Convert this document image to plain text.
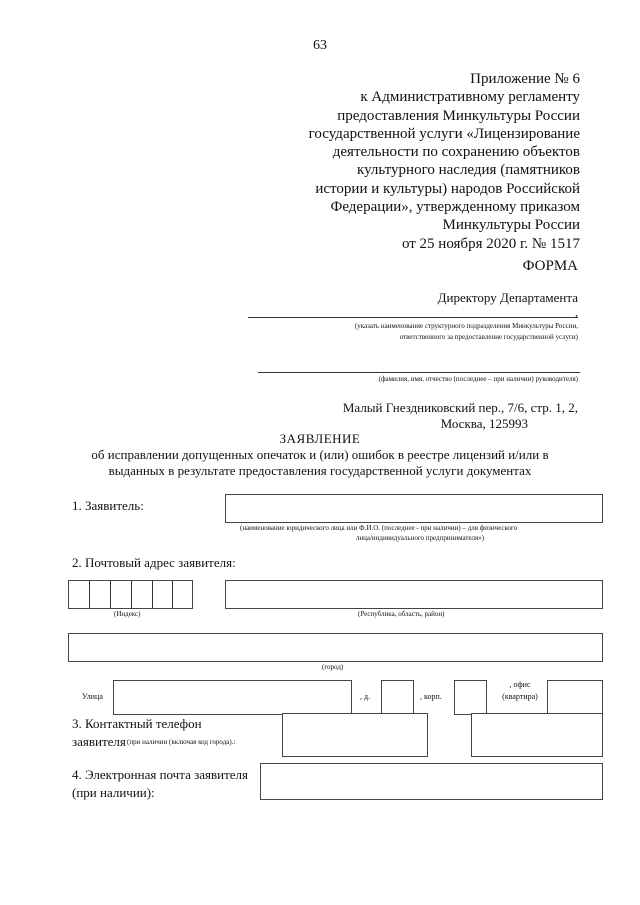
63
Приложение № 6
к Административному регламенту
предоставления Минкультуры России
государственной услуги «Лицензирование
деятельности по сохранению объектов
культурного наследия (памятников
истории и культуры) народов Российской
Федерации», утвержденному приказом
Минкультуры России
от 25 ноября 2020 г. № 1517
ФОРМА
Директору Департамента
,
(указать наименование структурного подразделения Минкультуры России,
ответственного за предоставление государственной услуги)
(фамилия, имя, отчество (последнее – при наличии) руководителя)
Малый Гнездниковский пер., 7/6, стр. 1, 2,
Москва, 125993
ЗАЯВЛЕНИЕ
об исправлении допущенных опечаток и (или) ошибок в реестре лицензий и/или в
выданных в результате предоставления государственной услуги документах
1. Заявитель:
(наименование юридического лица или Ф.И.О. (последнее - при наличии) – для физического
лица/индивидуального предпринимателя»)
2. Почтовый адрес заявителя:
(Индекс)	(Республика, область, район)
(город)
Улица	, д.	, корп.
, офис
(квартира)
3. Контактный телефон
заявителя (при наличии (включая код города).:
4. Электронная почта заявителя
(при наличии):
